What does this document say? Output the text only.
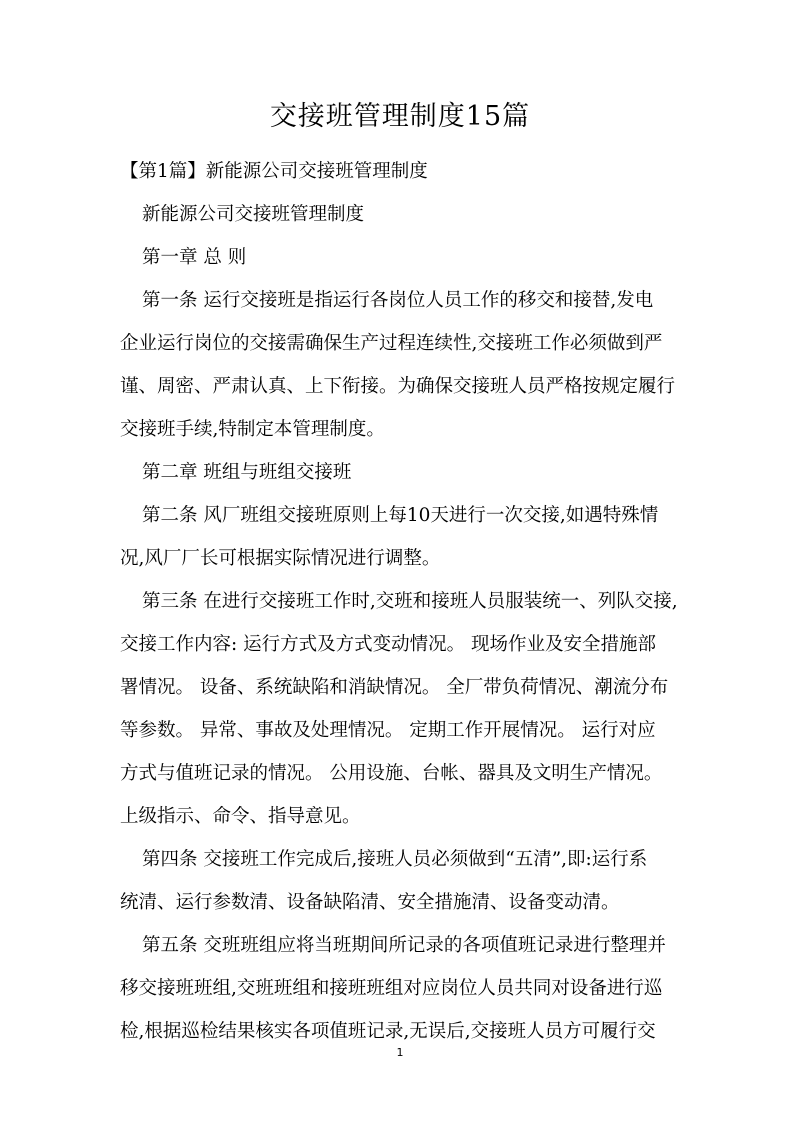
交接班管理制度15篇
【第1篇】新能源公司交接班管理制度
新能源公司交接班管理制度
第一章 总 则
第一条 运行交接班是指运行各岗位人员工作的移交和接替,发电
企业运行岗位的交接需确保生产过程连续性,交接班工作必须做到严
谨、周密、严肃认真、上下衔接。为确保交接班人员严格按规定履行
交接班手续,特制定本管理制度。
第二章 班组与班组交接班
第二条 风厂班组交接班原则上每10天进行一次交接,如遇特殊情
况,风厂厂长可根据实际情况进行调整。
第三条 在进行交接班工作时,交班和接班人员服装统一、列队交接,
交接工作内容: 运行方式及方式变动情况。 现场作业及安全措施部
署情况。 设备、系统缺陷和消缺情况。 全厂带负荷情况、潮流分布
等参数。 异常、事故及处理情况。 定期工作开展情况。 运行对应
方式与值班记录的情况。 公用设施、台帐、器具及文明生产情况。
上级指示、命令、指导意见。
第四条 交接班工作完成后,接班人员必须做到“五清”,即:运行系
统清、运行参数清、设备缺陷清、安全措施清、设备变动清。
第五条 交班班组应将当班期间所记录的各项值班记录进行整理并
移交接班班组,交班班组和接班班组对应岗位人员共同对设备进行巡
检,根据巡检结果核实各项值班记录,无误后,交接班人员方可履行交
1
